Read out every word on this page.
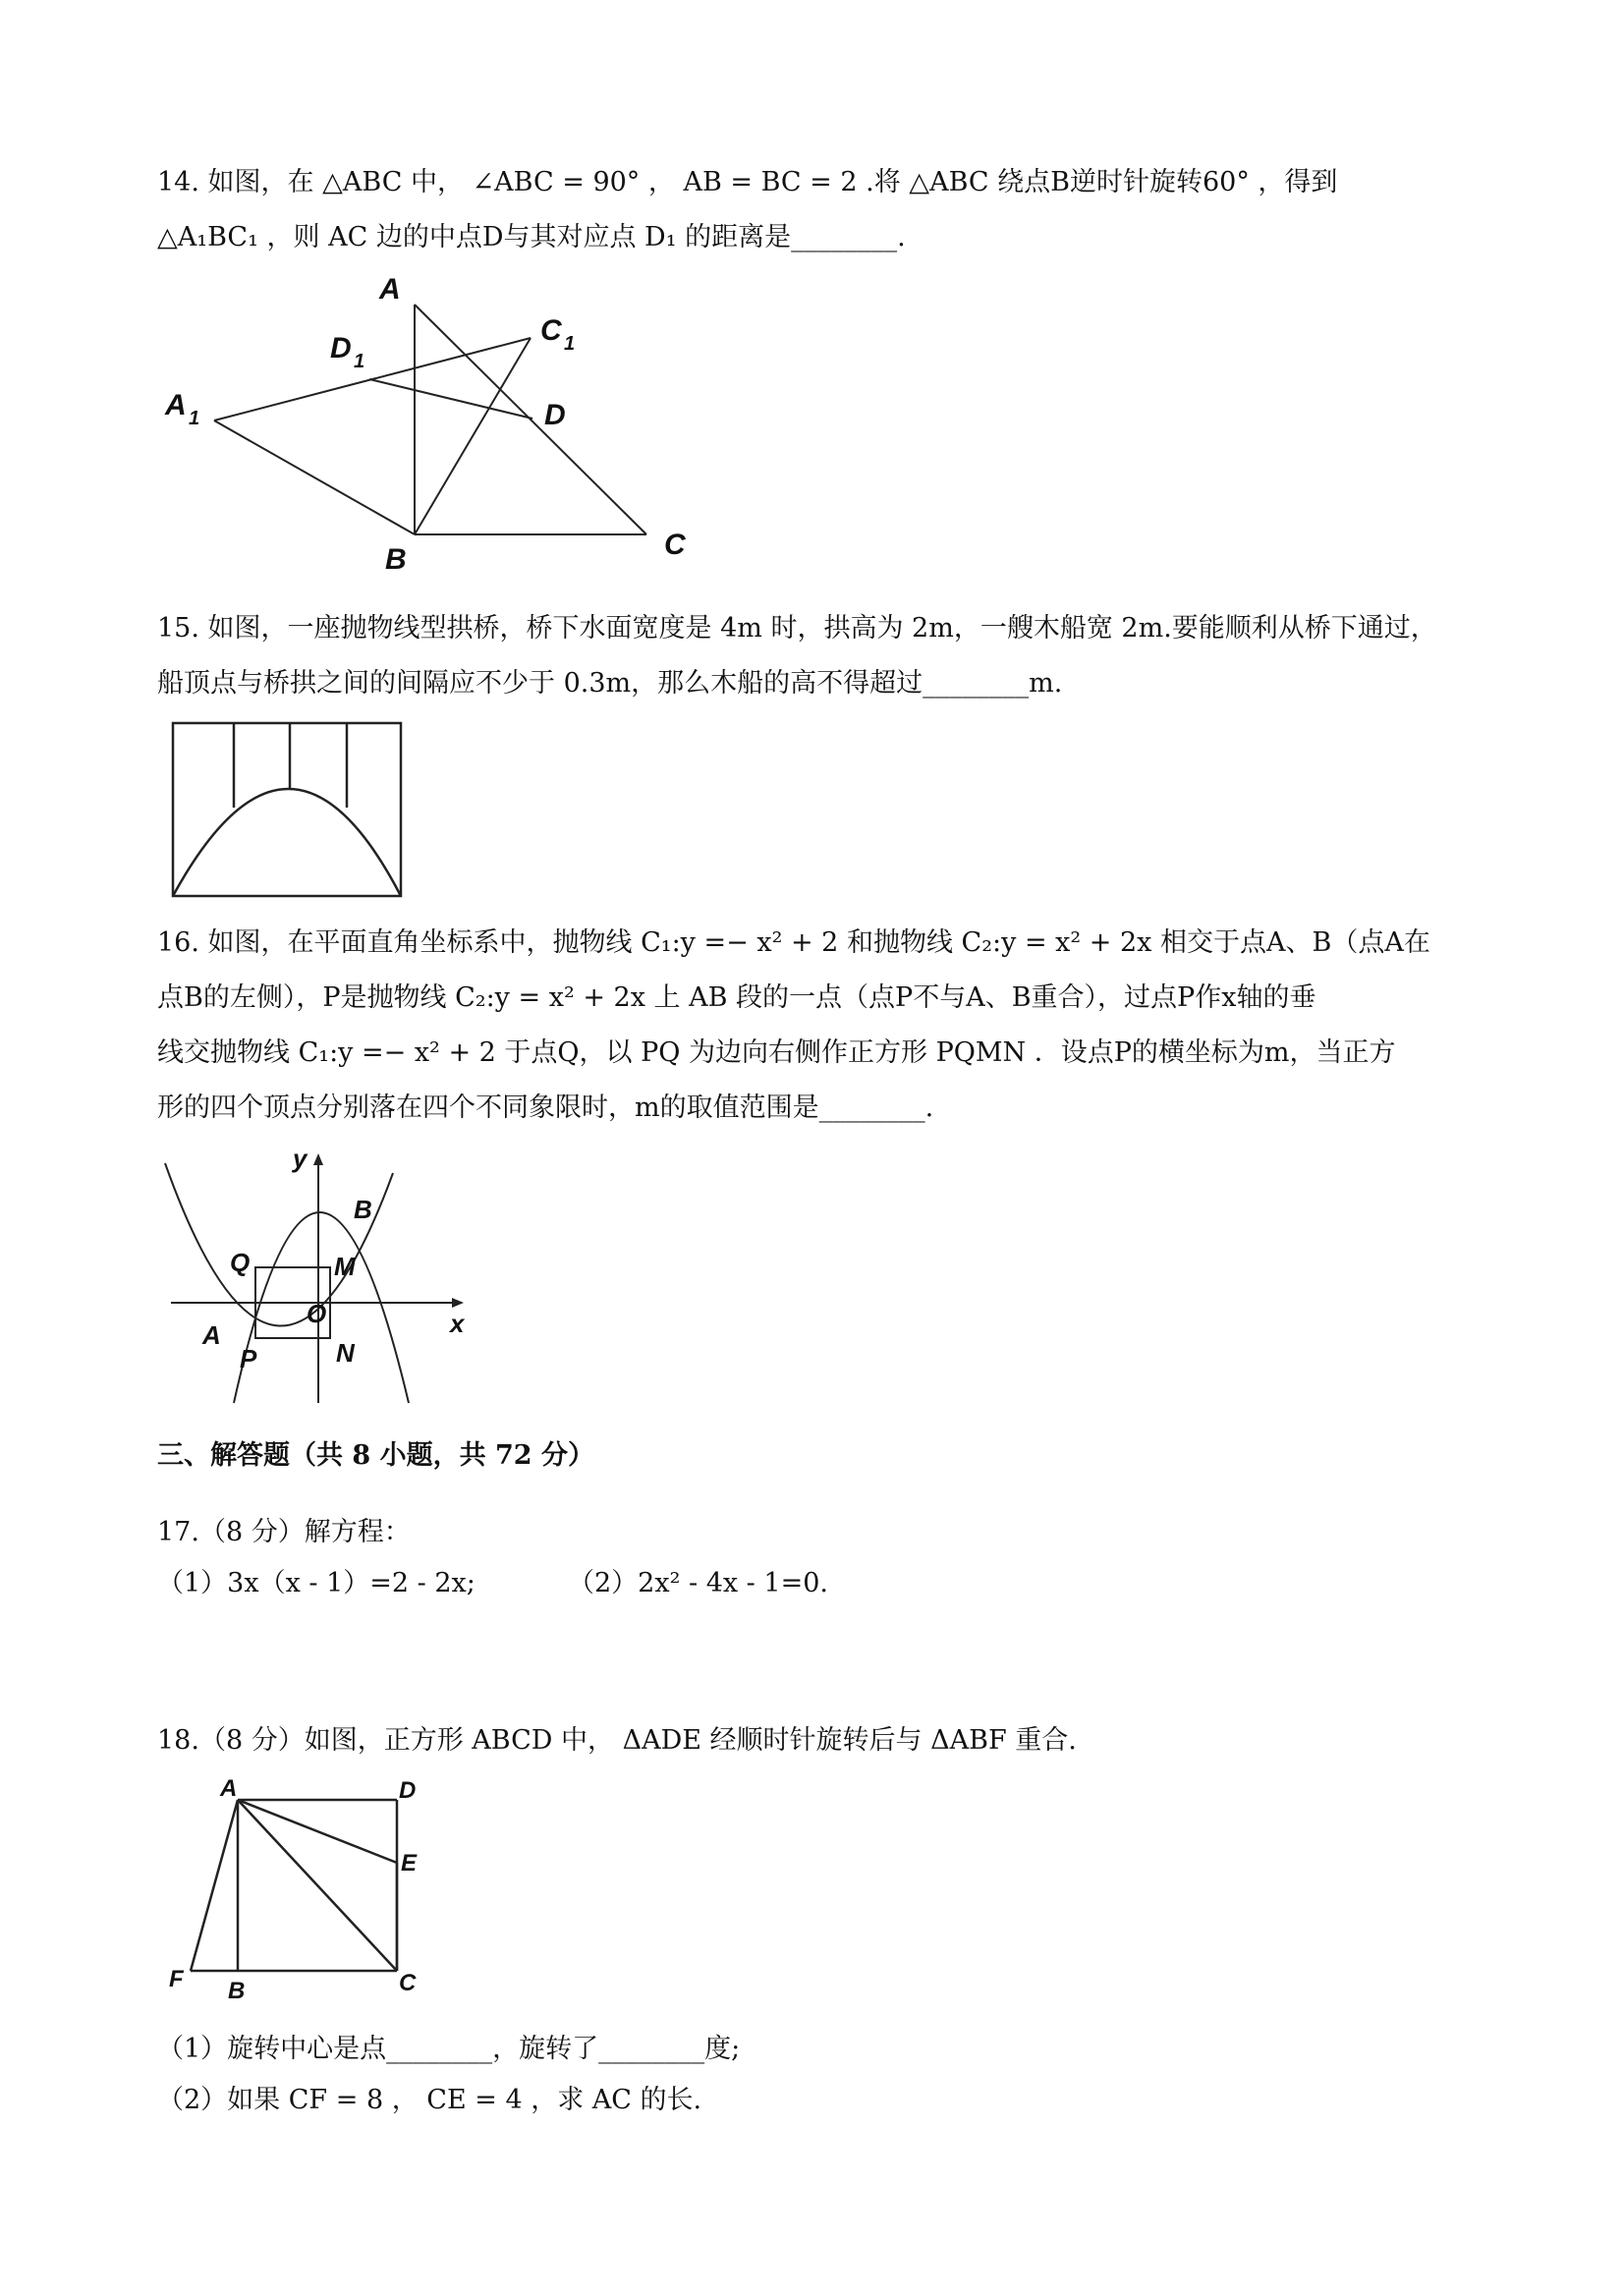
14. 如图，在 △ABC 中， ∠ABC = 90° ， AB = BC = 2 .将 △ABC 绕点B逆时针旋转60° ，得到
△A₁BC₁ ，则 AC 边的中点D与其对应点 D₁ 的距离是________.
A
A 1
D 1
C 1
D
B	C
15. 如图，一座抛物线型拱桥，桥下水面宽度是 4m 时，拱高为 2m，一艘木船宽 2m.要能顺利从桥下通过，
船顶点与桥拱之间的间隔应不少于 0.3m，那么木船的高不得超过________m.
16. 如图，在平面直角坐标系中，抛物线 C₁:y =− x² + 2 和抛物线 C₂:y = x² + 2x 相交于点A、B（点A在
点B的左侧），P是抛物线 C₂:y = x² + 2x 上 AB 段的一点（点P不与A、B重合），过点P作x轴的垂
线交抛物线 C₁:y =− x² + 2 于点Q，以 PQ 为边向右侧作正方形 PQMN ．设点P的横坐标为m，当正方
形的四个顶点分别落在四个不同象限时，m的取值范围是________.
y
x
B
Q	M
O
A
P	N
三、解答题（共 8 小题，共 72 分）
17.（8 分）解方程：
（1）3x（x - 1）=2 - 2x;	（2）2x² - 4x - 1=0.
18.（8 分）如图，正方形 ABCD 中， ΔADE 经顺时针旋转后与 ΔABF 重合.
A	D
E
F B	C
（1）旋转中心是点________，旋转了________度;
（2）如果 CF = 8 ， CE = 4 ，求 AC 的长.
